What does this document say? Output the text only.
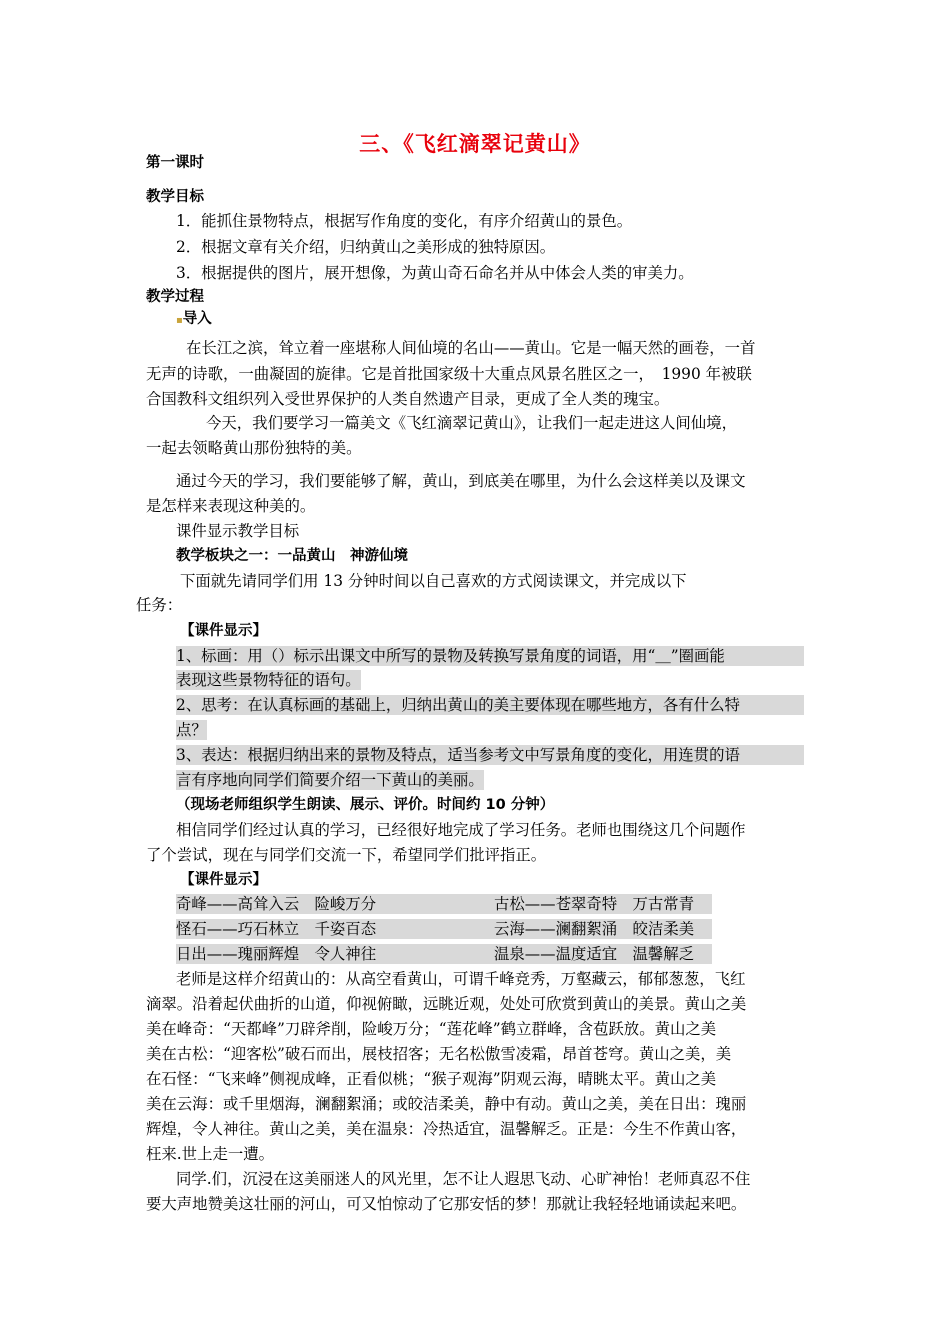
三、《飞红滴翠记黄山》
第一课时
教学目标
1．能抓住景物特点，根据写作角度的变化，有序介绍黄山的景色。
2．根据文章有关介绍，归纳黄山之美形成的独特原因。
3．根据提供的图片，展开想像，为黄山奇石命名并从中体会人类的审美力。
教学过程
▪导入
在长江之滨，耸立着一座堪称人间仙境的名山——黄山。它是一幅天然的画卷，一首
无声的诗歌，一曲凝固的旋律。它是首批国家级十大重点风景名胜区之一，　1990 年被联
合国教科文组织列入受世界保护的人类自然遗产目录，更成了全人类的瑰宝。
今天，我们要学习一篇美文《飞红滴翠记黄山》，让我们一起走进这人间仙境，
一起去领略黄山那份独特的美。
通过今天的学习，我们要能够了解，黄山，到底美在哪里，为什么会这样美以及课文
是怎样来表现这种美的。
课件显示教学目标
教学板块之一：一品黄山　神游仙境
下面就先请同学们用 13 分钟时间以自己喜欢的方式阅读课文，并完成以下
任务：
【课件显示】
1、标画：用（）标示出课文中所写的景物及转换写景角度的词语，用“＿”圈画能
表现这些景物特征的语句。
2、思考：在认真标画的基础上，归纳出黄山的美主要体现在哪些地方，各有什么特
点？
3、表达：根据归纳出来的景物及特点，适当参考文中写景角度的变化，用连贯的语
言有序地向同学们简要介绍一下黄山的美丽。
（现场老师组织学生朗读、展示、评价。时间约 10 分钟）
相信同学们经过认真的学习，已经很好地完成了学习任务。老师也围绕这几个问题作
了个尝试，现在与同学们交流一下，希望同学们批评指正。
【课件显示】
奇峰——高耸入云　险峻万分	古松——苍翠奇特　万古常青
怪石——巧石林立　千姿百态	云海——澜翻絮涌　皎洁柔美
日出——瑰丽辉煌　令人神往	温泉——温度适宜　温馨解乏
老师是这样介绍黄山的：从高空看黄山，可谓千峰竞秀，万壑藏云，郁郁葱葱，飞红
滴翠。沿着起伏曲折的山道，仰视俯瞰，远眺近观，处处可欣赏到黄山的美景。黄山之美
美在峰奇：“天都峰”刀辟斧削，险峻万分；“莲花峰”鹤立群峰，含苞跃放。黄山之美
美在古松：“迎客松”破石而出，展枝招客；无名松傲雪凌霜，昂首苍穹。黄山之美，美
在石怪：“飞来峰”侧视成峰，正看似桃；“猴子观海”阴观云海，晴眺太平。黄山之美
美在云海：或千里烟海，澜翻絮涌；或皎洁柔美，静中有动。黄山之美，美在日出：瑰丽
辉煌，令人神往。黄山之美，美在温泉：冷热适宜，温馨解乏。正是：今生不作黄山客，
枉来.世上走一遭。
同学.们，沉浸在这美丽迷人的风光里，怎不让人遐思飞动、心旷神怡！老师真忍不住
要大声地赞美这壮丽的河山，可又怕惊动了它那安恬的梦！那就让我轻轻地诵读起来吧。
